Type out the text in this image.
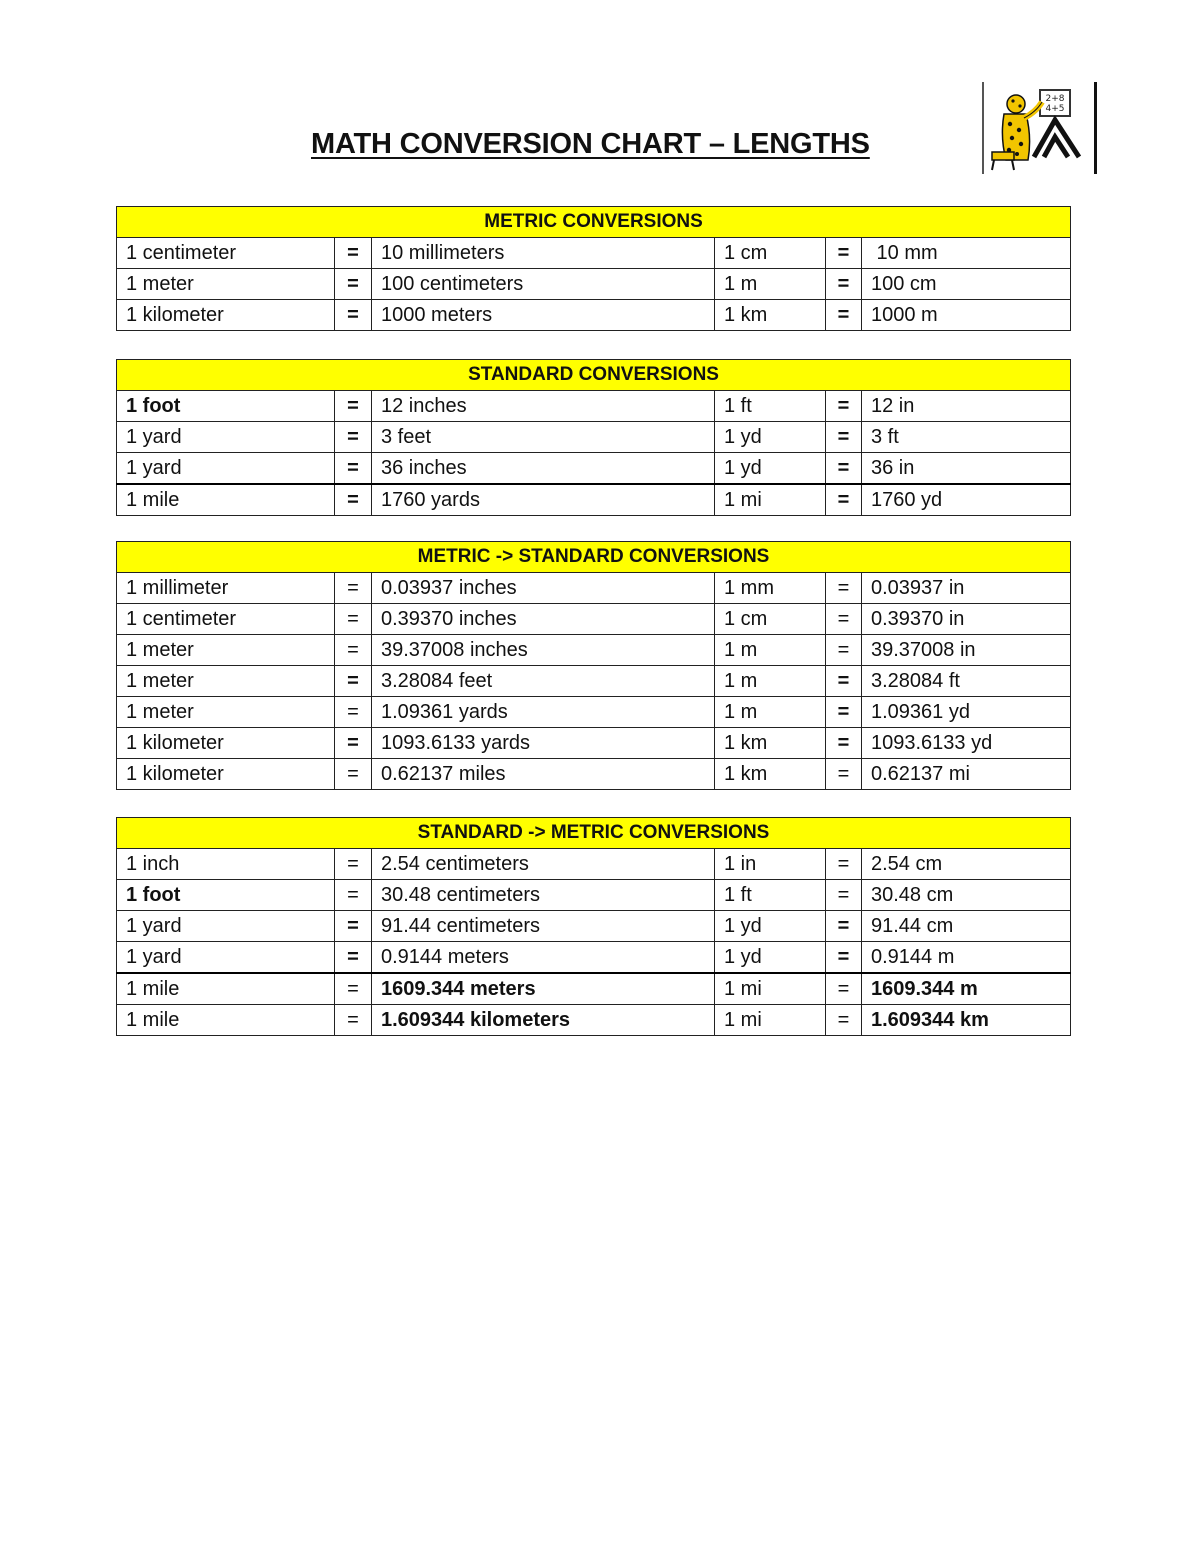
MATH CONVERSION CHART – LENGTHS
2+8
4+5
METRIC CONVERSIONS					
1 centimeter	=	10 millimeters	1 cm	=	10 mm
1 meter	=	100 centimeters	1 m	=	100 cm
1 kilometer	=	1000 meters	1 km	=	1000 m
STANDARD CONVERSIONS					
1 foot	=	12 inches	1 ft	=	12 in
1 yard	=	3 feet	1 yd	=	3 ft
1 yard	=	36 inches	1 yd	=	36 in
1 mile	=	1760 yards	1 mi	=	1760 yd
METRIC -> STANDARD CONVERSIONS					
1 millimeter	=	0.03937 inches	1 mm	=	0.03937 in
1 centimeter	=	0.39370 inches	1 cm	=	0.39370 in
1 meter	=	39.37008 inches	1 m	=	39.37008 in
1 meter	=	3.28084 feet	1 m	=	3.28084 ft
1 meter	=	1.09361 yards	1 m	=	1.09361 yd
1 kilometer	=	1093.6133 yards	1 km	=	1093.6133 yd
1 kilometer	=	0.62137 miles	1 km	=	0.62137 mi
STANDARD -> METRIC CONVERSIONS					
1 inch	=	2.54 centimeters	1 in	=	2.54 cm
1 foot	=	30.48 centimeters	1 ft	=	30.48 cm
1 yard	=	91.44 centimeters	1 yd	=	91.44 cm
1 yard	=	0.9144 meters	1 yd	=	0.9144 m
1 mile	=	1609.344 meters	1 mi	=	1609.344 m
1 mile	=	1.609344 kilometers	1 mi	=	1.609344 km
